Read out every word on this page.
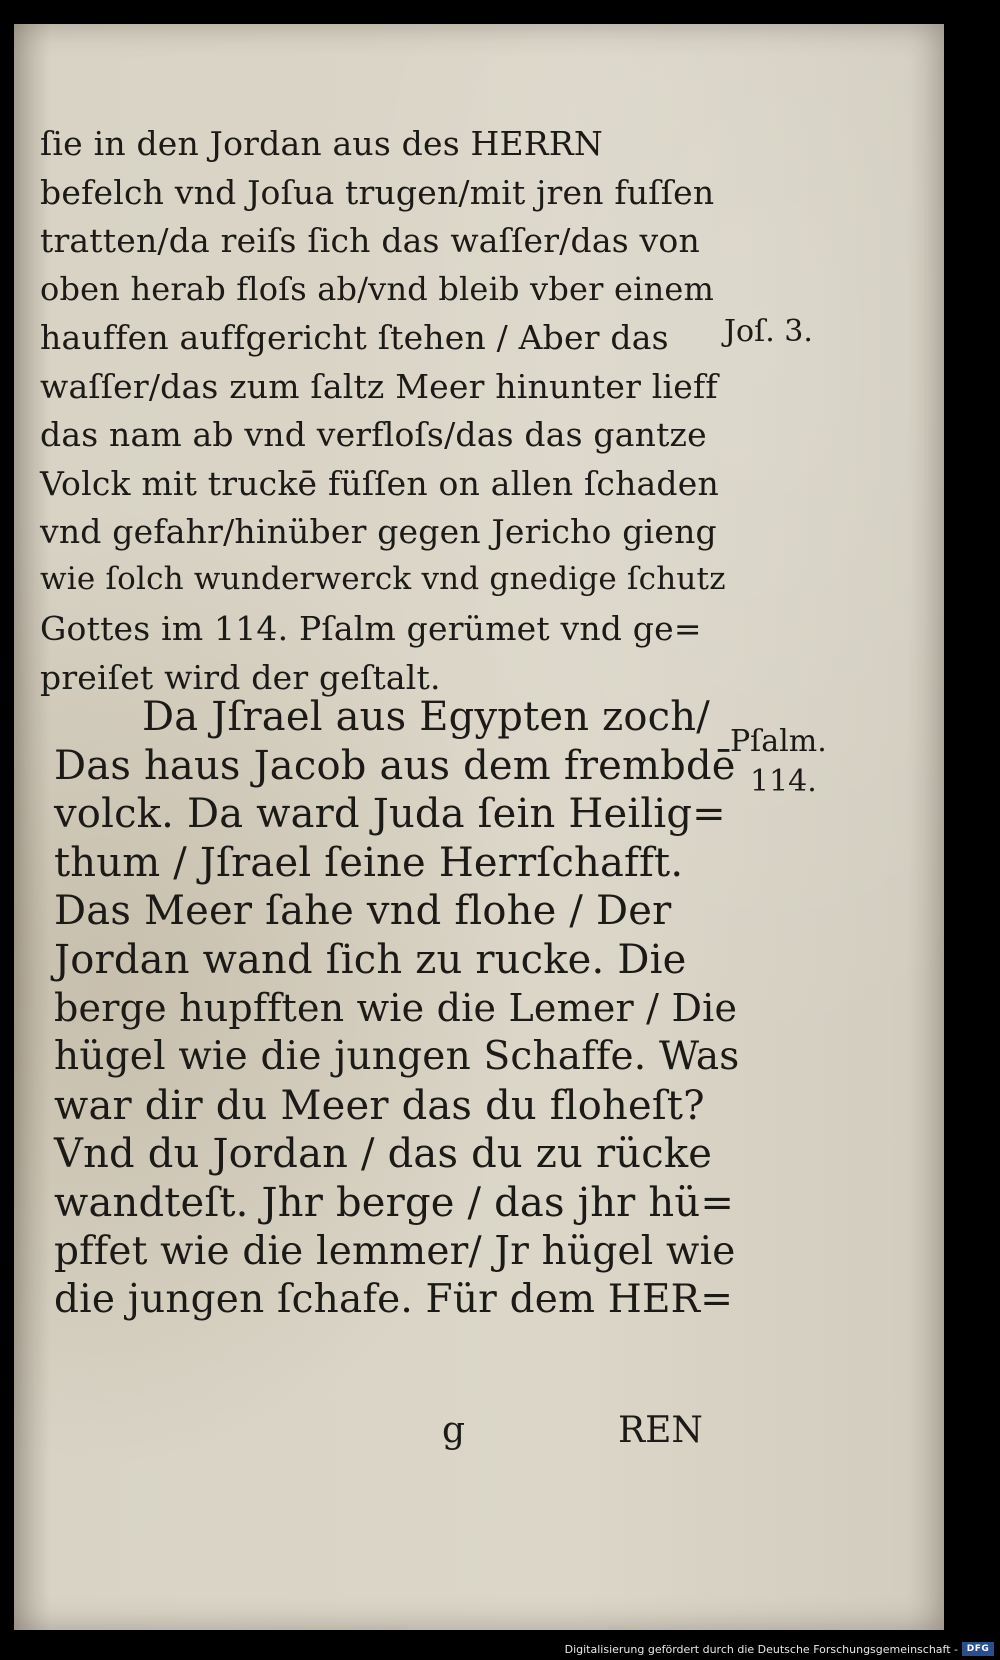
ſie in den Jordan aus des HERRN
befelch vnd Joſua trugen/mit jren fuſſen
tratten/da reiſs ſich das waſſer/das von
oben herab floſs ab/vnd bleib vber einem
hauffen auffgericht ſtehen / Aber das
waſſer/das zum ſaltz Meer hinunter lieff
das nam ab vnd verfloſs/das das gantze
Volck mit truckē füſſen on allen ſchaden
vnd gefahr/hinüber gegen Jericho gieng
wie ſolch wunderwerck vnd gnedige ſchutz
Gottes im 114. Pſalm gerümet vnd ge=
preiſet wird der geſtalt.
Da Jſrael aus Egypten zoch/
Das haus Jacob aus dem frembdē
volck. Da ward Juda ſein Heilig=
thum / Jſrael ſeine Herrſchafft.
Das Meer ſahe vnd flohe / Der
Jordan wand ſich zu rucke. Die
berge hupfften wie die Lemer / Die
hügel wie die jungen Schaffe. Was
war dir du Meer das du floheſt?
Vnd du Jordan / das du zu rücke
wandteſt. Jhr berge / das jhr hü=
pffet wie die lemmer/ Jr hügel wie
die jungen ſchafe. Für dem HER=
Joſ. 3.
Pſalm.
114.
g	REN
Digitalisierung gefördert durch die Deutsche Forschungsgemeinschaft - DFG
